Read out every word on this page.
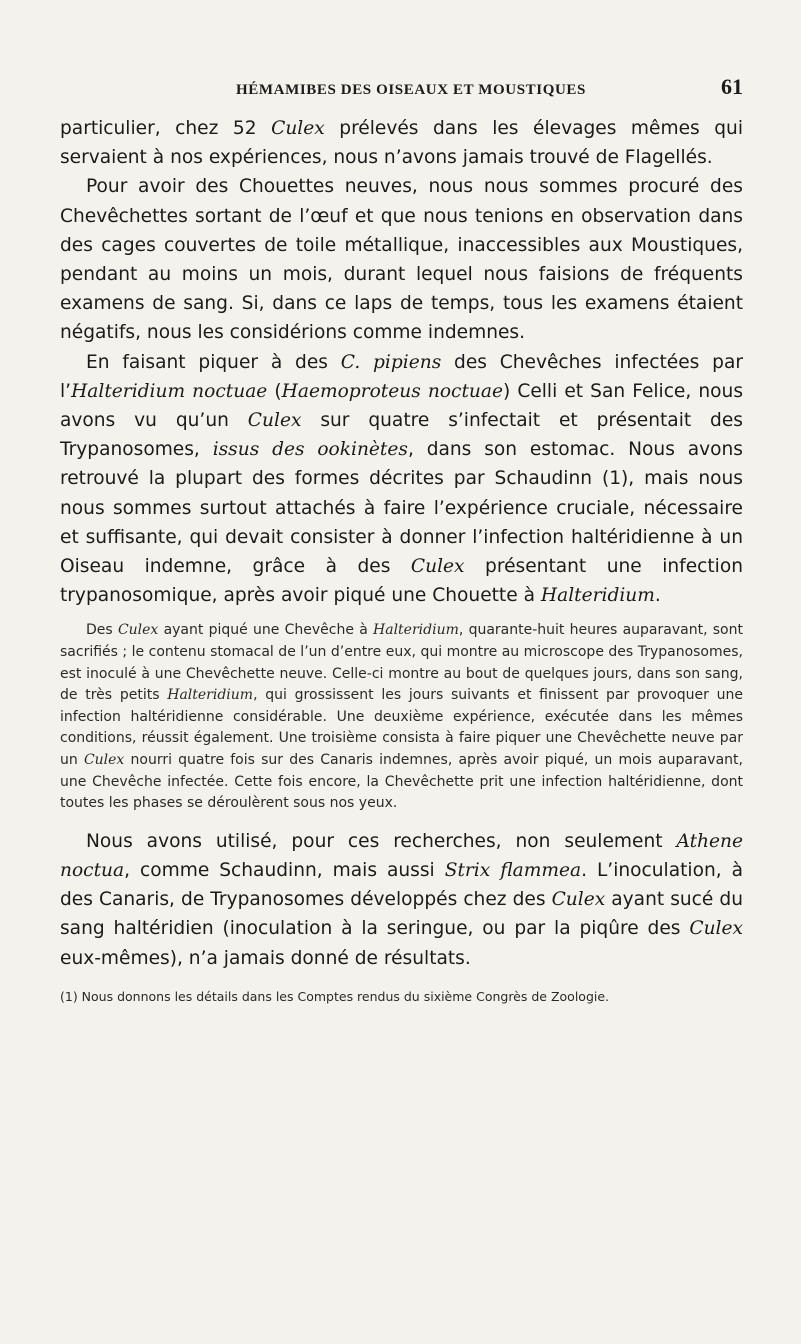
HÉMAMIBES DES OISEAUX ET MOUSTIQUES	61

particulier, chez 52 Culex prélevés dans les élevages mêmes qui servaient à nos expériences, nous n’avons jamais trouvé de Flagellés.

Pour avoir des Chouettes neuves, nous nous sommes procuré des Chevêchettes sortant de l’œuf et que nous tenions en observation dans des cages couvertes de toile métallique, inaccessibles aux Moustiques, pendant au moins un mois, durant lequel nous faisions de fréquents examens de sang. Si, dans ce laps de temps, tous les examens étaient négatifs, nous les considérions comme indemnes.

En faisant piquer à des C. pipiens des Chevêches infectées par l’Halteridium noctuae (Haemoproteus noctuae) Celli et San Felice, nous avons vu qu’un Culex sur quatre s’infectait et présentait des Trypanosomes, issus des ookinètes, dans son estomac. Nous avons retrouvé la plupart des formes décrites par Schaudinn (1), mais nous nous sommes surtout attachés à faire l’expérience cruciale, nécessaire et suffisante, qui devait consister à donner l’infection haltéridienne à un Oiseau indemne, grâce à des Culex présentant une infection trypanosomique, après avoir piqué une Chouette à Halteridium.

Des Culex ayant piqué une Chevêche à Halteridium, quarante-huit heures auparavant, sont sacrifiés ; le contenu stomacal de l’un d’entre eux, qui montre au microscope des Trypanosomes, est inoculé à une Chevêchette neuve. Celle-ci montre au bout de quelques jours, dans son sang, de très petits Halteridium, qui grossissent les jours suivants et finissent par provoquer une infection haltéridienne considérable. Une deuxième expérience, exécutée dans les mêmes conditions, réussit également. Une troisième consista à faire piquer une Chevêchette neuve par un Culex nourri quatre fois sur des Canaris indemnes, après avoir piqué, un mois auparavant, une Chevêche infectée. Cette fois encore, la Chevêchette prit une infection haltéridienne, dont toutes les phases se déroulèrent sous nos yeux.

Nous avons utilisé, pour ces recherches, non seulement Athene noctua, comme Schaudinn, mais aussi Strix flammea. L’inoculation, à des Canaris, de Trypanosomes développés chez des Culex ayant sucé du sang haltéridien (inoculation à la seringue, ou par la piqûre des Culex eux-mêmes), n’a jamais donné de résultats.

(1) Nous donnons les détails dans les Comptes rendus du sixième Congrès de Zoologie.
